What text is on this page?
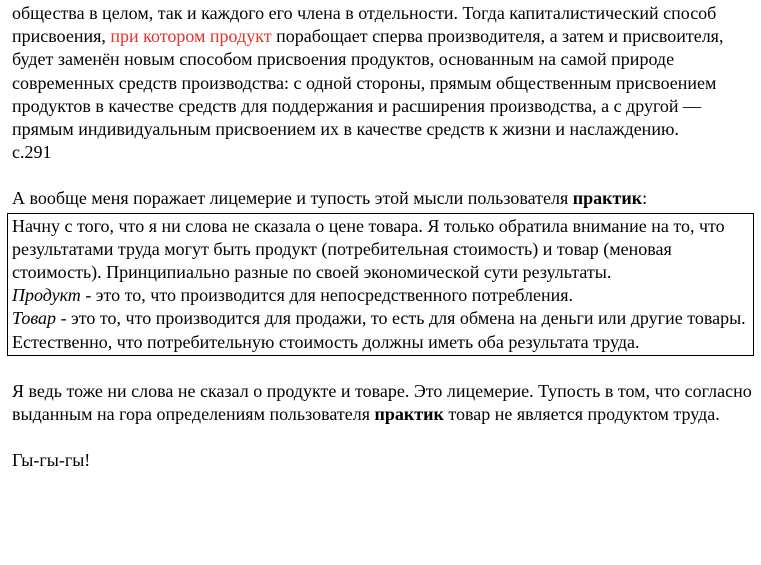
общества в целом, так и каждого его члена в отдельности. Тогда капиталистический способ присвоения, при котором продукт порабощает сперва производителя, а затем и присвоителя, будет заменён новым способом присвоения продуктов, основанным на самой природе современных средств производства: с одной стороны, прямым общественным присвоением продуктов в качестве средств для поддержания и расширения производства, а с другой — прямым индивидуальным присвоением их в качестве средств к жизни и наслаждению.

с.291

А вообще меня поражает лицемерие и тупость этой мысли пользователя практик:

Начну с того, что я ни слова не сказала о цене товара. Я только обратила внимание на то, что результатами труда могут быть продукт (потребительная стоимость) и товар (меновая стоимость). Принципиально разные по своей экономической сути результаты.

Продукт - это то, что производится для непосредственного потребления.

Товар - это то, что производится для продажи, то есть для обмена на деньги или другие товары. Естественно, что потребительную стоимость должны иметь оба результата труда.

Я ведь тоже ни слова не сказал о продукте и товаре. Это лицемерие. Тупость в том, что согласно выданным на гора определениям пользователя практик товар не является продуктом труда.

Гы-гы-гы!
